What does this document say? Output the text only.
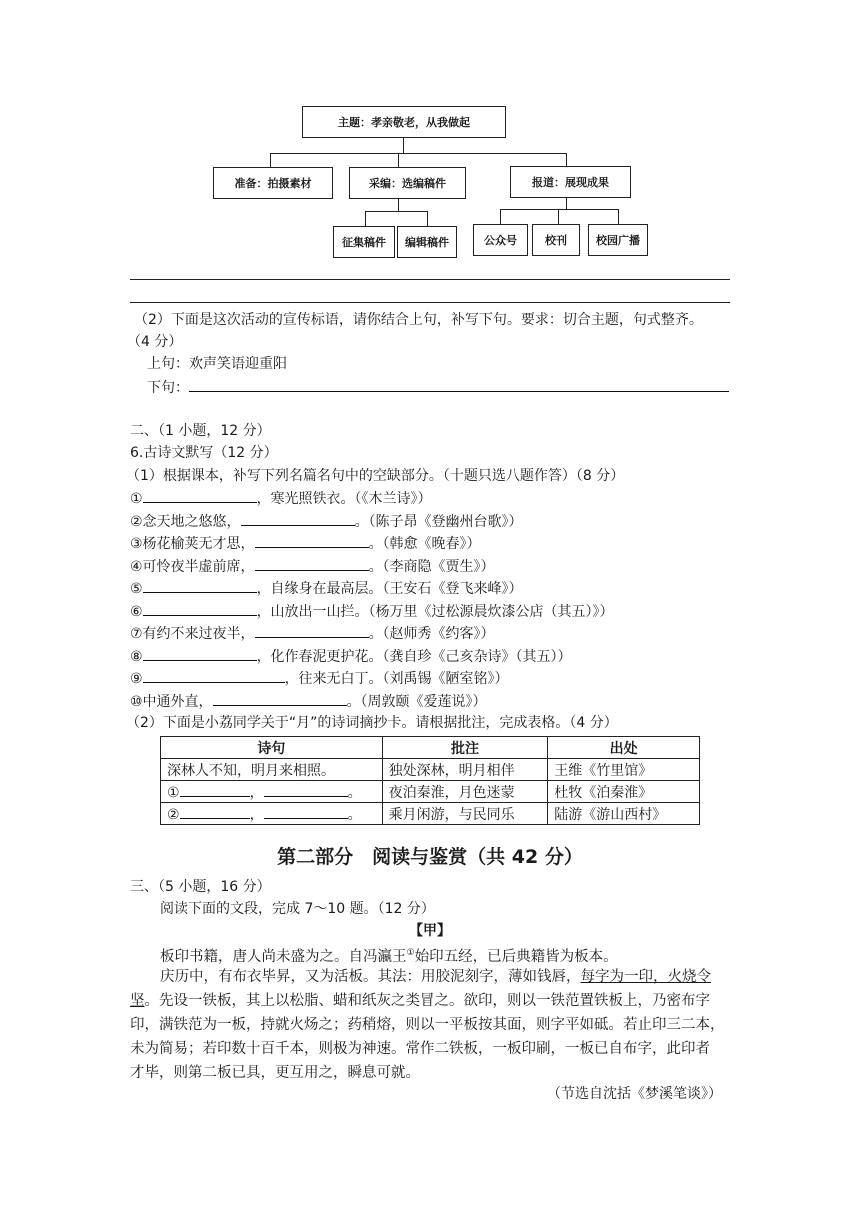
主题：孝亲敬老，从我做起
准备：拍摄素材	采编：选编稿件	报道：展现成果
征集稿件	编辑稿件	公众号	校刊	校园广播
（2）下面是这次活动的宣传标语，请你结合上句，补写下句。要求：切合主题，句式整齐。
（4 分）
上句：欢声笑语迎重阳
下句：
二、（1 小题，12 分）
6.古诗文默写（12 分）
（1）根据课本，补写下列名篇名句中的空缺部分。（十题只选八题作答）（8 分）
①	，寒光照铁衣。（《木兰诗》）
②念天地之悠悠，	。（陈子昂《登幽州台歌》）
③杨花榆荚无才思，	。（韩愈《晚春》）
④可怜夜半虚前席，	。（李商隐《贾生》）
⑤	，自缘身在最高层。（王安石《登飞来峰》）
⑥	，山放出一山拦。（杨万里《过松源晨炊漆公店（其五）》）
⑦有约不来过夜半，	。（赵师秀《约客》）
⑧	，化作春泥更护花。（龚自珍《己亥杂诗》（其五））
⑨	，往来无白丁。（刘禹锡《陋室铭》）
⑩中通外直，	。（周敦颐《爱莲说》）
（2）下面是小荔同学关于“月”的诗词摘抄卡。请根据批注，完成表格。（4 分）
诗句	批注	出处
深林人不知，明月来相照。	独处深林，明月相伴	王维《竹里馆》
① ， 。	夜泊秦淮，月色迷蒙	杜牧《泊秦淮》
② ， 。	乘月闲游，与民同乐	陆游《游山西村》
第二部分　阅读与鉴赏（共 42 分）
三、（5 小题，16 分）
阅读下面的文段，完成 7～10 题。（12 分）
【甲】
板印书籍，唐人尚未盛为之。自冯瀛王①始印五经，已后典籍皆为板本。
庆历中，有布衣毕昇，又为活板。其法：用胶泥刻字，薄如钱唇，每字为一印，火烧令
坚。先设一铁板，其上以松脂、蜡和纸灰之类冒之。欲印，则以一铁范置铁板上，乃密布字
印，满铁范为一板，持就火炀之；药稍熔，则以一平板按其面，则字平如砥。若止印三二本，
未为简易；若印数十百千本，则极为神速。常作二铁板，一板印刷，一板已自布字，此印者
才毕，则第二板已具，更互用之，瞬息可就。
（节选自沈括《梦溪笔谈》）
